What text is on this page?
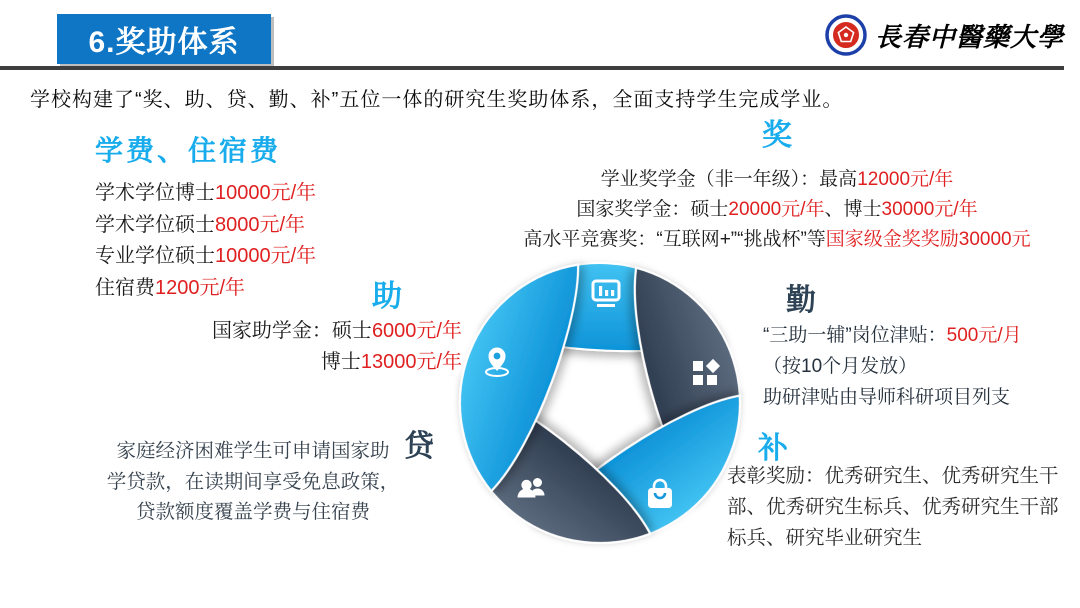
6.奖助体系	長春中醫藥大學
学校构建了“奖、助、贷、勤、补”五位一体的研究生奖助体系，全面支持学生完成学业。
学费、住宿费
学术学位博士10000元/年
学术学位硕士8000元/年
专业学位硕士10000元/年
住宿费1200元/年
奖
学业奖学金（非一年级）：最高12000元/年
国家奖学金：硕士20000元/年、博士30000元/年
高水平竞赛奖：“互联网+”“挑战杯”等国家级金奖奖励30000元
助
国家助学金：硕士6000元/年
博士13000元/年
勤
“三助一辅”岗位津贴：500元/月
（按10个月发放）
助研津贴由导师科研项目列支
贷
家庭经济困难学生可申请国家助
学贷款，在读期间享受免息政策，
贷款额度覆盖学费与住宿费
补
表彰奖励：优秀研究生、优秀研究生干
部、优秀研究生标兵、优秀研究生干部
标兵、研究毕业研究生
